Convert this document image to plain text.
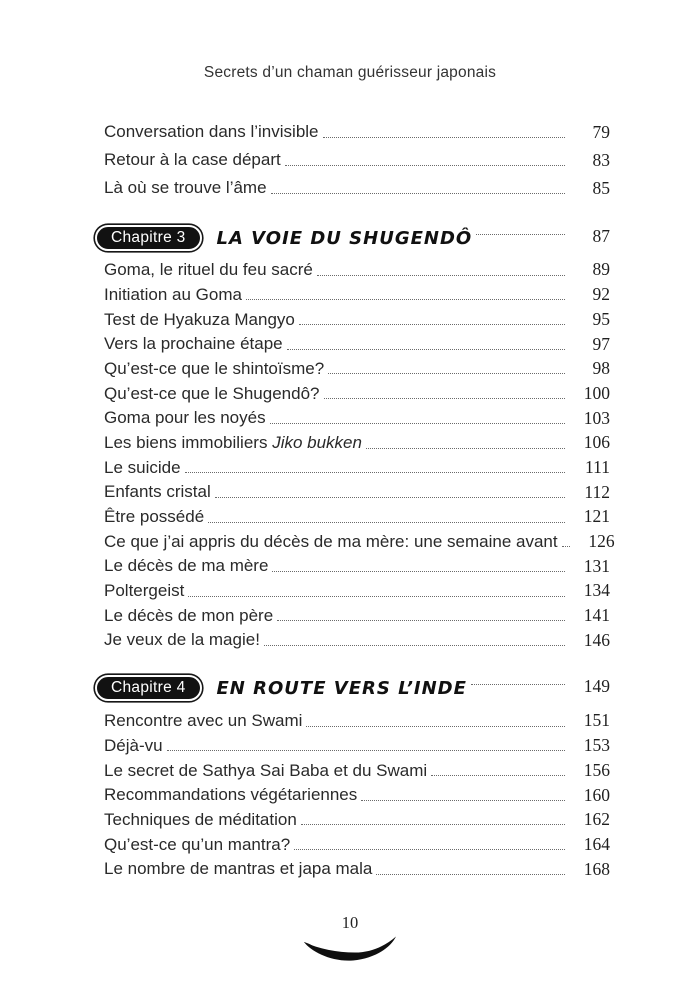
Secrets d’un chaman guérisseur japonais
Conversation dans l’invisible	79
Retour à la case départ	83
Là où se trouve l’âme	85
Chapitre 3 LA VOIE DU SHUGENDÔ	87
Goma, le rituel du feu sacré	89
Initiation au Goma	92
Test de Hyakuza Mangyo	95
Vers la prochaine étape	97
Qu’est-ce que le shintoïsme?	98
Qu’est-ce que le Shugendô?	100
Goma pour les noyés	103
Les biens immobiliers Jiko bukken	106
Le suicide	111
Enfants cristal	112
Être possédé	121
Ce que j’ai appris du décès de ma mère: une semaine avant	126
Le décès de ma mère	131
Poltergeist	134
Le décès de mon père	141
Je veux de la magie!	146
Chapitre 4 EN ROUTE VERS L’INDE	149
Rencontre avec un Swami	151
Déjà-vu	153
Le secret de Sathya Sai Baba et du Swami	156
Recommandations végétariennes	160
Techniques de méditation	162
Qu’est-ce qu’un mantra?	164
Le nombre de mantras et japa mala	168
10
